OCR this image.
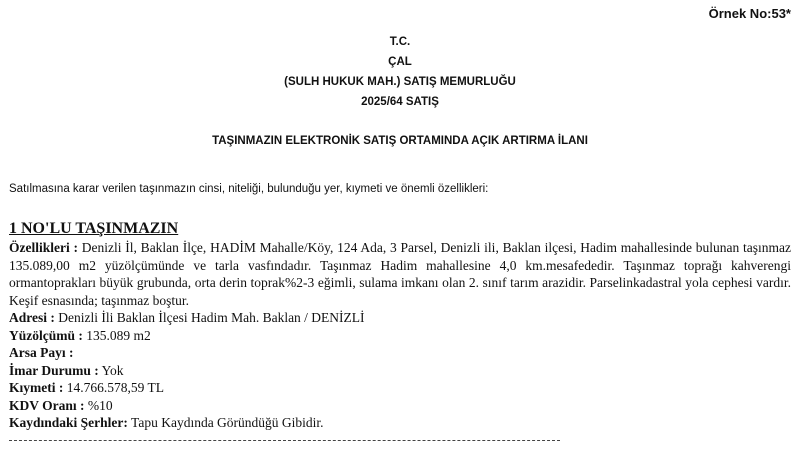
Örnek No:53*
T.C.
ÇAL
(SULH HUKUK MAH.) SATIŞ MEMURLUĞU
2025/64 SATIŞ
TAŞINMAZIN ELEKTRONİK SATIŞ ORTAMINDA AÇIK ARTIRMA İLANI
Satılmasına karar verilen taşınmazın cinsi, niteliği, bulunduğu yer, kıymeti ve önemli özellikleri:
1 NO'LU TAŞINMAZIN
Özellikleri : Denizli İl, Baklan İlçe, HADİM Mahalle/Köy, 124 Ada, 3 Parsel, Denizli ili, Baklan ilçesi, Hadim mahallesinde bulunan taşınmaz 135.089,00 m2 yüzölçümünde ve tarla vasfındadır. Taşınmaz Hadim mahallesine 4,0 km.mesafededir. Taşınmaz toprağı kahverengi ormantoprakları büyük grubunda, orta derin toprak%2-3 eğimli, sulama imkanı olan 2. sınıf tarım arazidir. Parselinkadastral yola cephesi vardır. Keşif esnasında; taşınmaz boştur.
Adresi : Denizli İli Baklan İlçesi Hadim Mah. Baklan / DENİZLİ
Yüzölçümü : 135.089 m2
Arsa Payı :
İmar Durumu : Yok
Kıymeti : 14.766.578,59 TL
KDV Oranı : %10
Kaydındaki Şerhler: Tapu Kaydında Göründüğü Gibidir.
